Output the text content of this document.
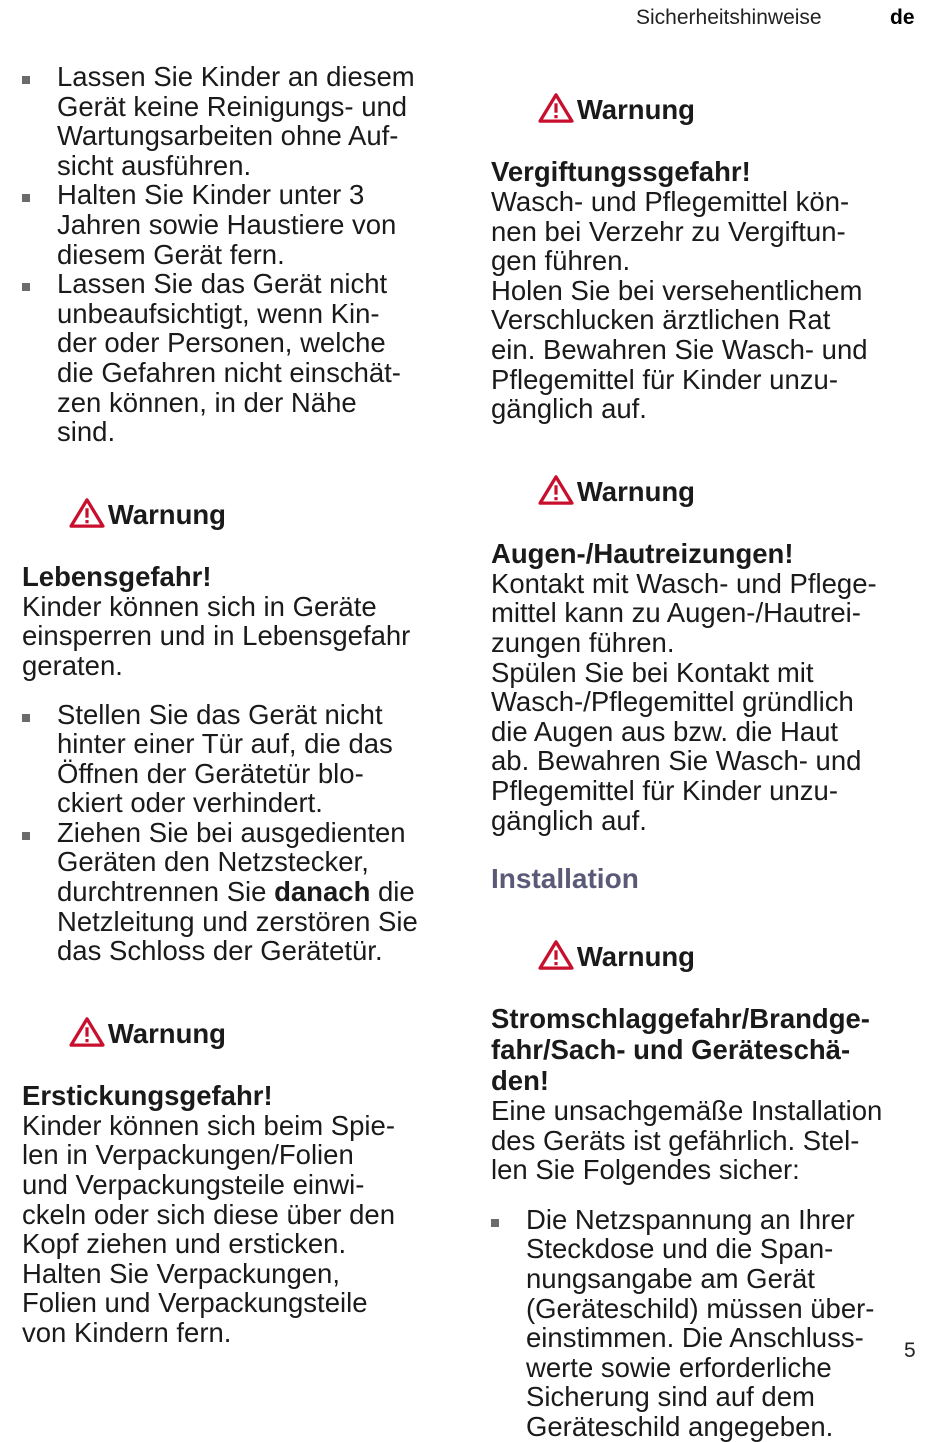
Sicherheitshinweise	de
Lassen Sie Kinder an diesem
Gerät keine Reinigungs- und
Wartungsarbeiten ohne Auf-
sicht ausführen.
Halten Sie Kinder unter 3
Jahren sowie Haustiere von
diesem Gerät fern.
Lassen Sie das Gerät nicht
unbeaufsichtigt, wenn Kin-
der oder Personen, welche
die Gefahren nicht einschät-
zen können, in der Nähe
sind.

Warnung

Lebensgefahr!
Kinder können sich in Geräte
einsperren und in Lebensgefahr
geraten.
Stellen Sie das Gerät nicht
hinter einer Tür auf, die das
Öffnen der Gerätetür blo-
ckiert oder verhindert.
Ziehen Sie bei ausgedienten
Geräten den Netzstecker,
durchtrennen Sie danach die
Netzleitung und zerstören Sie
das Schloss der Gerätetür.

Warnung

Erstickungsgefahr!
Kinder können sich beim Spie-
len in Verpackungen/Folien
und Verpackungsteile einwi-
ckeln oder sich diese über den
Kopf ziehen und ersticken.
Halten Sie Verpackungen,
Folien und Verpackungsteile
von Kindern fern.

Warnung

Vergiftungssgefahr!
Wasch- und Pflegemittel kön-
nen bei Verzehr zu Vergiftun-
gen führen.
Holen Sie bei versehentlichem
Verschlucken ärztlichen Rat
ein. Bewahren Sie Wasch- und
Pflegemittel für Kinder unzu-
gänglich auf.

Warnung

Augen-/Hautreizungen!
Kontakt mit Wasch- und Pflege-
mittel kann zu Augen-/Hautrei-
zungen führen.
Spülen Sie bei Kontakt mit
Wasch-/Pflegemittel gründlich
die Augen aus bzw. die Haut
ab. Bewahren Sie Wasch- und
Pflegemittel für Kinder unzu-
gänglich auf.
Installation

Warnung

Stromschlaggefahr/Brandge-
fahr/Sach- und Geräteschä-
den!
Eine unsachgemäße Installation
des Geräts ist gefährlich. Stel-
len Sie Folgendes sicher:
Die Netzspannung an Ihrer
Steckdose und die Span-
nungsangabe am Gerät
(Geräteschild) müssen über-
einstimmen. Die Anschluss-
werte sowie erforderliche
Sicherung sind auf dem
Geräteschild angegeben.
5
